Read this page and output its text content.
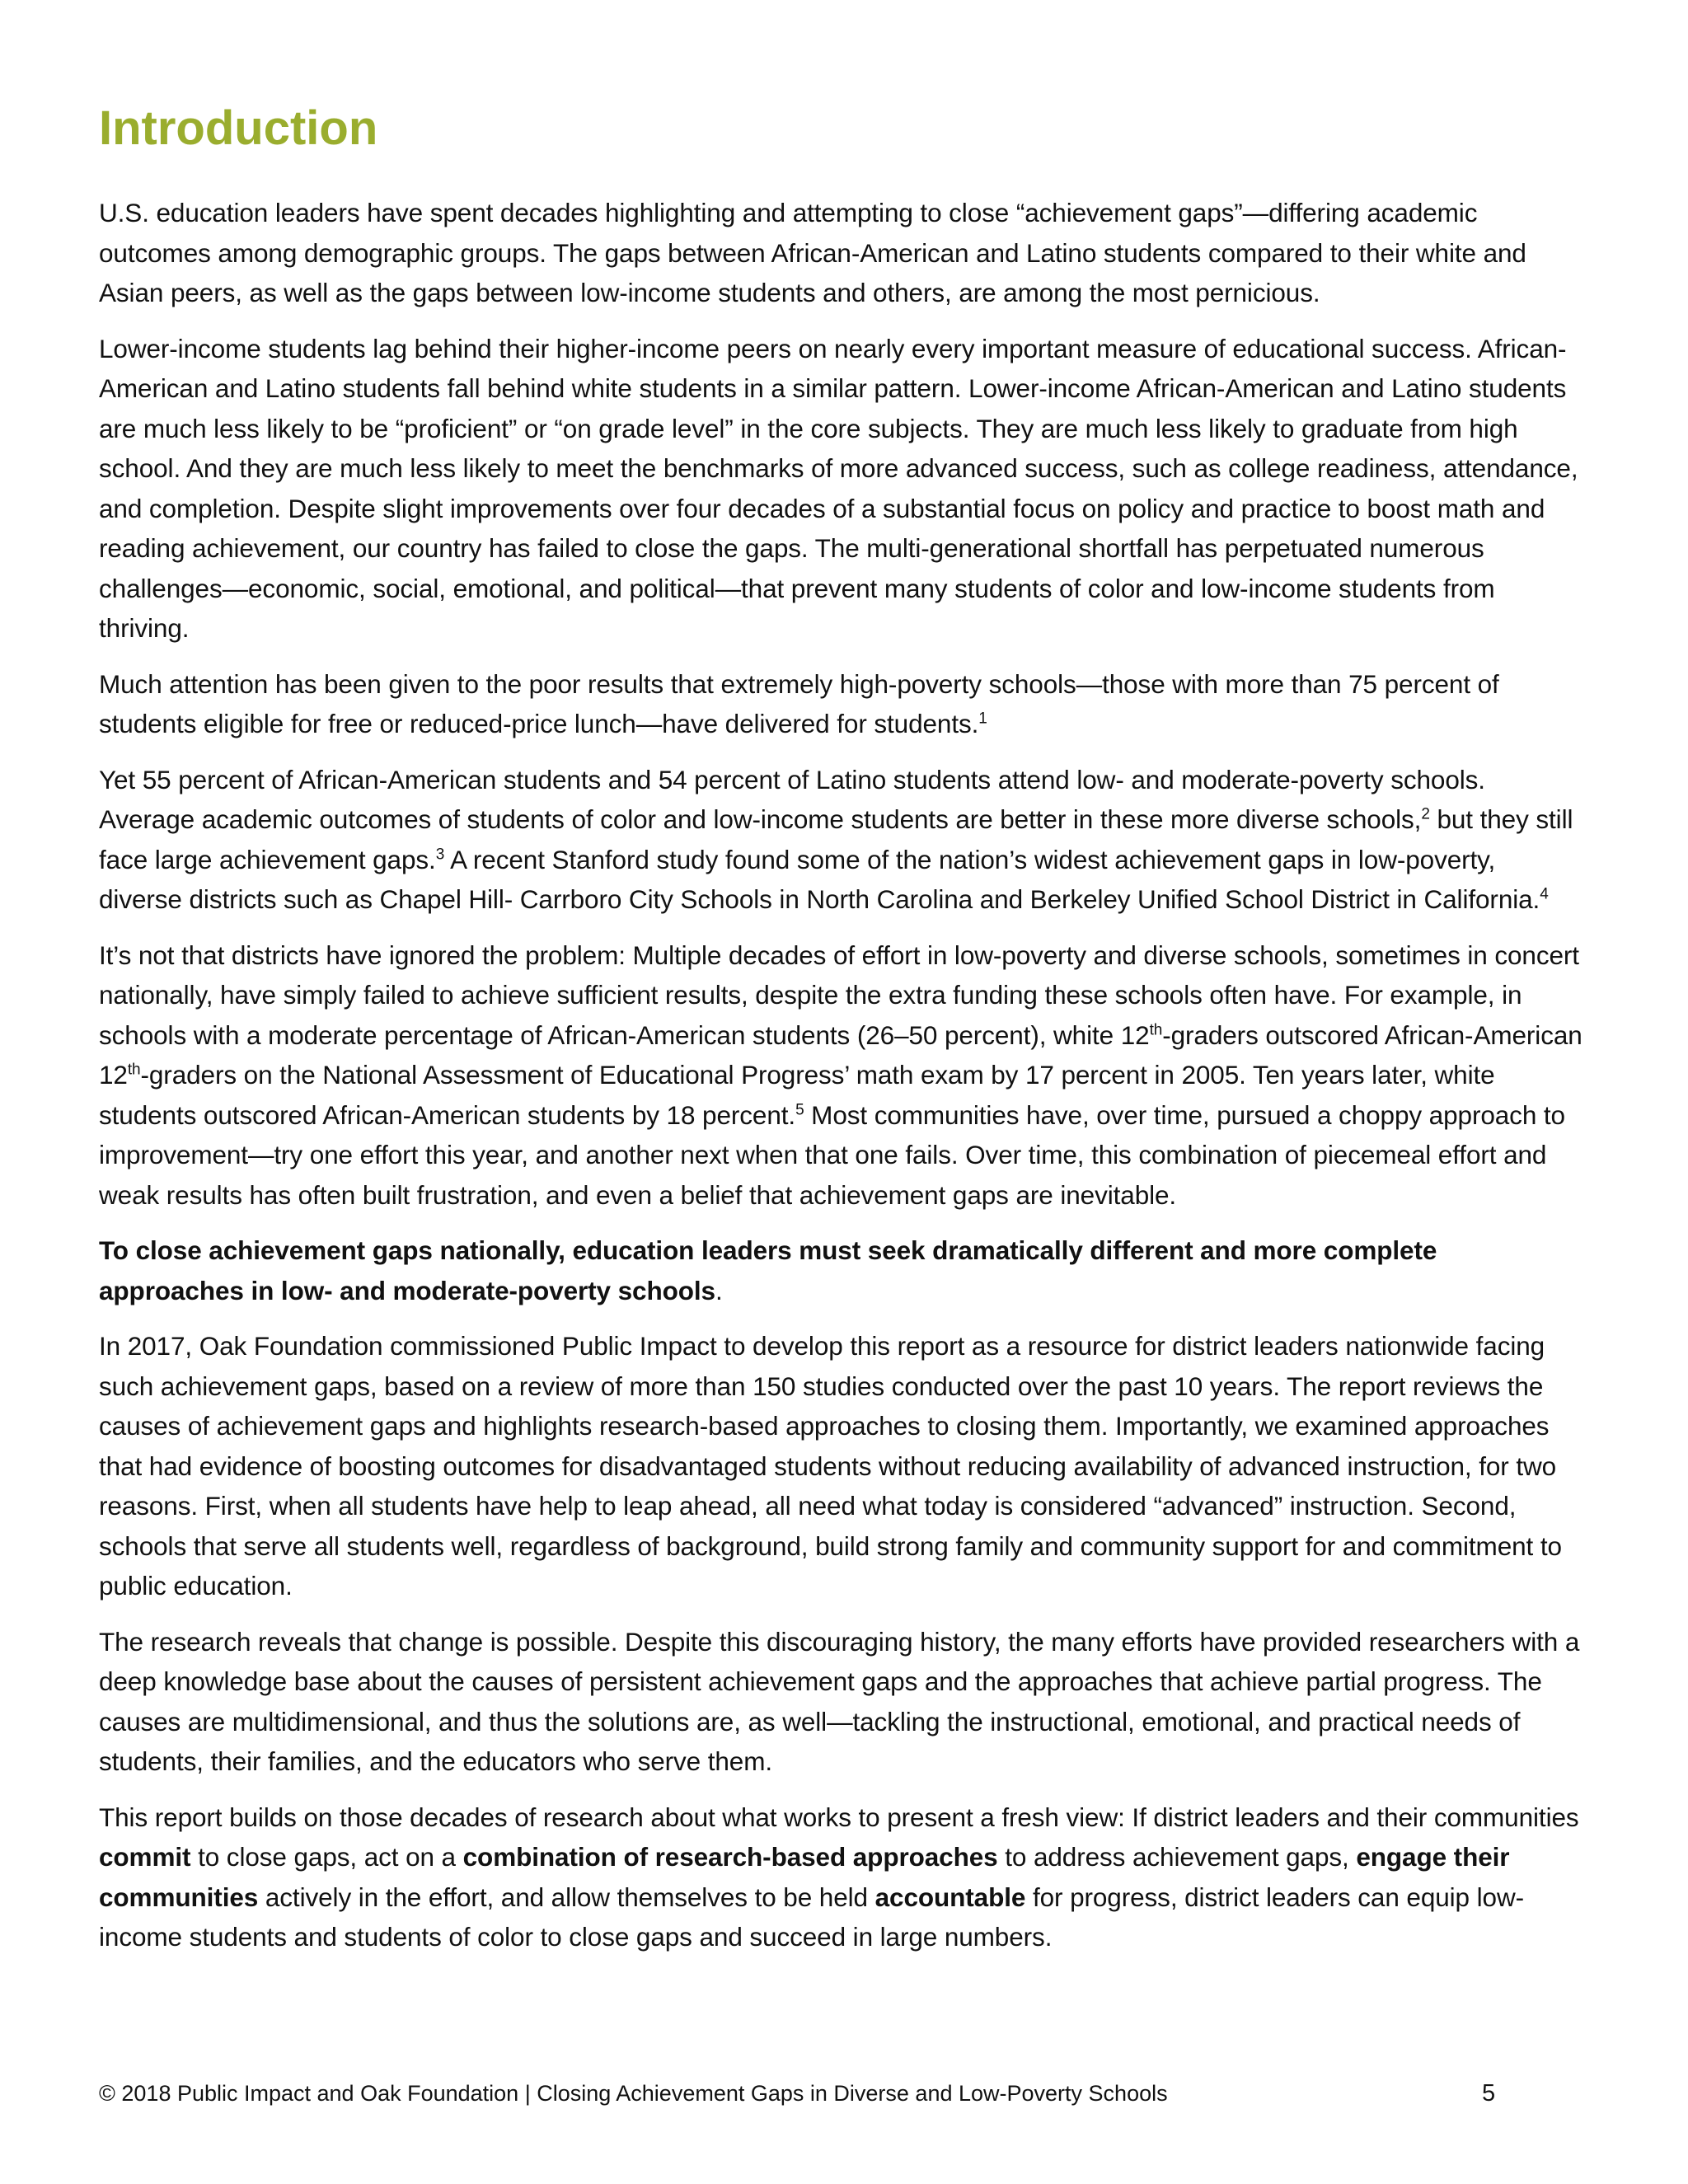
Introduction

U.S. education leaders have spent decades highlighting and attempting to close “achievement gaps”—differing academic outcomes among demographic groups. The gaps between African-American and Latino students compared to their white and Asian peers, as well as the gaps between low-income students and others, are among the most pernicious.

Lower-income students lag behind their higher-income peers on nearly every important measure of educational success. African-American and Latino students fall behind white students in a similar pattern. Lower-income African-American and Latino students are much less likely to be “proficient” or “on grade level” in the core subjects. They are much less likely to graduate from high school. And they are much less likely to meet the benchmarks of more advanced success, such as college readiness, attendance, and completion. Despite slight improvements over four decades of a substantial focus on policy and practice to boost math and reading achievement, our country has failed to close the gaps. The multi-generational shortfall has perpetuated numerous challenges—economic, social, emotional, and political—that prevent many students of color and low-income students from thriving.

Much attention has been given to the poor results that extremely high-poverty schools—those with more than 75 percent of students eligible for free or reduced-price lunch—have delivered for students.$^1$

Yet 55 percent of African-American students and 54 percent of Latino students attend low- and moderate-poverty schools. Average academic outcomes of students of color and low-income students are better in these more diverse schools,$^2$ but they still face large achievement gaps.$^3$ A recent Stanford study found some of the nation’s widest achievement gaps in low-poverty, diverse districts such as Chapel Hill- Carrboro City Schools in North Carolina and Berkeley Unified School District in California.$^4$

It’s not that districts have ignored the problem: Multiple decades of effort in low-poverty and diverse schools, sometimes in concert nationally, have simply failed to achieve sufficient results, despite the extra funding these schools often have. For example, in schools with a moderate percentage of African-American students (26–50 percent), white 12th-graders outscored African-American 12th-graders on the National Assessment of Educational Progress’ math exam by 17 percent in 2005. Ten years later, white students outscored African-American students by 18 percent.$^5$ Most communities have, over time, pursued a choppy approach to improvement—try one effort this year, and another next when that one fails. Over time, this combination of piecemeal effort and weak results has often built frustration, and even a belief that achievement gaps are inevitable.

To close achievement gaps nationally, education leaders must seek dramatically different and more complete approaches in low- and moderate-poverty schools.

In 2017, Oak Foundation commissioned Public Impact to develop this report as a resource for district leaders nationwide facing such achievement gaps, based on a review of more than 150 studies conducted over the past 10 years. The report reviews the causes of achievement gaps and highlights research-based approaches to closing them. Importantly, we examined approaches that had evidence of boosting outcomes for disadvantaged students without reducing availability of advanced instruction, for two reasons. First, when all students have help to leap ahead, all need what today is considered “advanced” instruction. Second, schools that serve all students well, regardless of background, build strong family and community support for and commitment to public education.

The research reveals that change is possible. Despite this discouraging history, the many efforts have provided researchers with a deep knowledge base about the causes of persistent achievement gaps and the approaches that achieve partial progress. The causes are multidimensional, and thus the solutions are, as well—tackling the instructional, emotional, and practical needs of students, their families, and the educators who serve them.

This report builds on those decades of research about what works to present a fresh view: If district leaders and their communities commit to close gaps, act on a combination of research-based approaches to address achievement gaps, engage their communities actively in the effort, and allow themselves to be held accountable for progress, district leaders can equip low-income students and students of color to close gaps and succeed in large numbers.

© 2018 Public Impact and Oak Foundation | Closing Achievement Gaps in Diverse and Low-Poverty Schools	5
